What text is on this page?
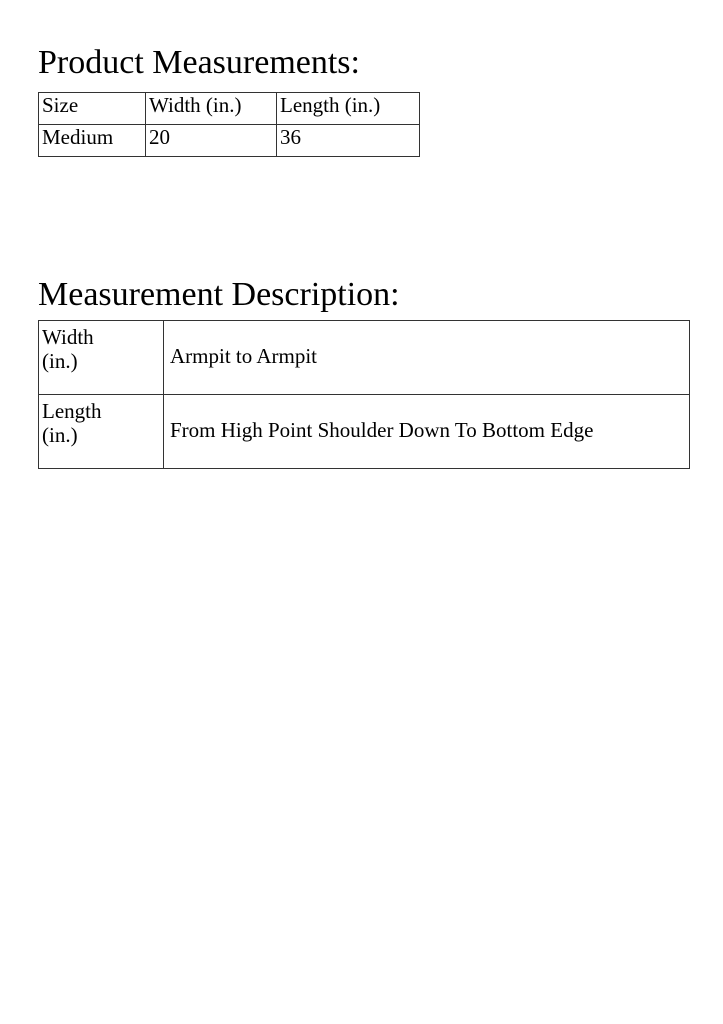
Product Measurements:
Size	Width (in.)	Length (in.)
Medium	20	36
Measurement Description:
Width
(in.)	Armpit to Armpit

Length
(in.)	From High Point Shoulder Down To Bottom Edge
